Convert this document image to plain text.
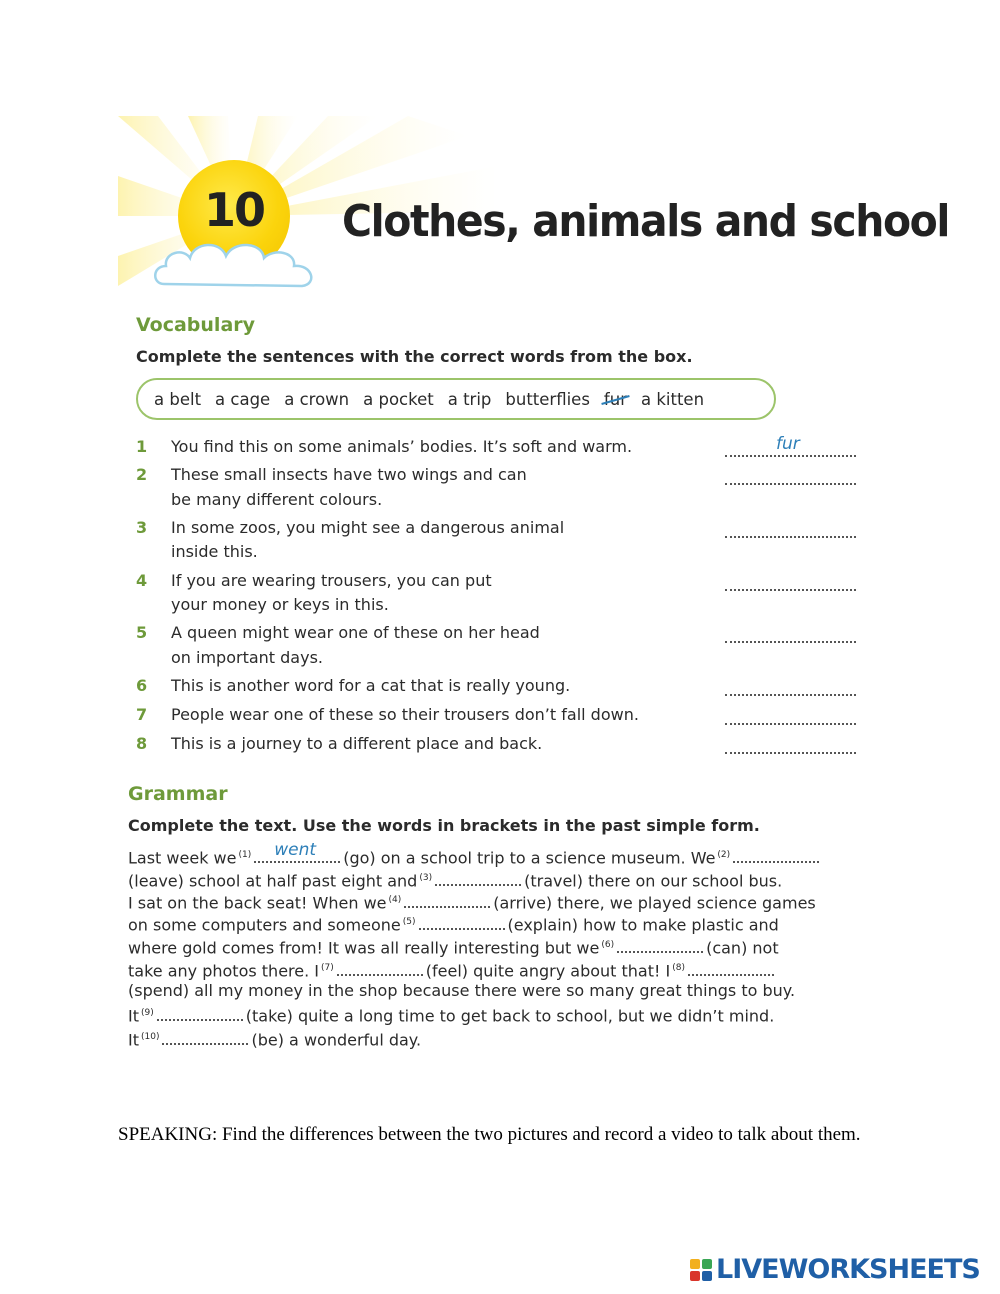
10	Clothes, animals and school
Vocabulary
Complete the sentences with the correct words from the box.
a belt a cage a crown a pocket a trip butterflies fur a kitten
1 You find this on some animals’ bodies. It’s soft and warm.	fur
2 These small insects have two wings and can
be many different colours.
3 In some zoos, you might see a dangerous animal
inside this.
4 If you are wearing trousers, you can put
your money or keys in this.
5 A queen might wear one of these on her head
on important days.
6 This is another word for a cat that is really young.
7 People wear one of these so their trousers don’t fall down.
8 This is a journey to a different place and back.
Grammar
Complete the text. Use the words in brackets in the past simple form.
Last week we $^{(1)}$ went (go) on a school trip to a science museum. We $^{(2)}$
(leave) school at half past eight and $^{(3)}$	(travel) there on our school bus.
I sat on the back seat! When we $^{(4)}$	(arrive) there, we played science games
on some computers and someone $^{(5)}$	(explain) how to make plastic and
where gold comes from! It was all really interesting but we $^{(6)}$	(can) not
take any photos there. I $^{(7)}$	(feel) quite angry about that! I $^{(8)}$
(spend) all my money in the shop because there were so many great things to buy.
It $^{(9)}$	(take) quite a long time to get back to school, but we didn’t mind.
It $^{(10)}$	(be) a wonderful day.
SPEAKING: Find the differences between the two pictures and record a video to talk about them.
LIVEWORKSHEETS
